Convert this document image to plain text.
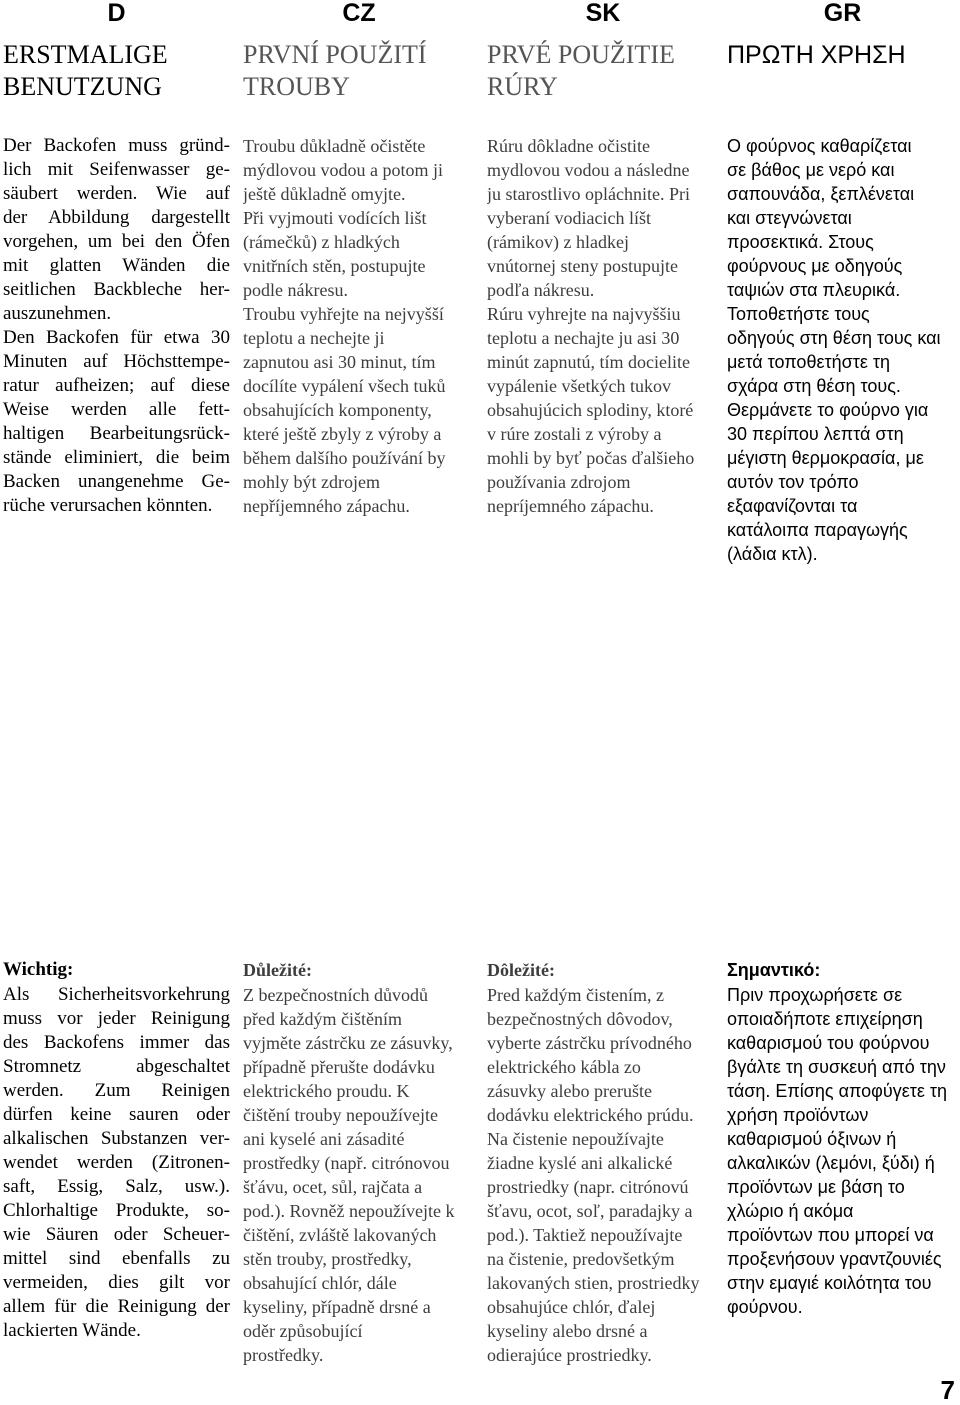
D
ERSTMALIGE
BENUTZUNG
Der Backofen muss gründ-
lich mit Seifenwasser ge-
säubert werden. Wie auf
der Abbildung dargestellt
vorgehen, um bei den Öfen
mit glatten Wänden die
seitlichen Backbleche her-
auszunehmen.
Den Backofen für etwa 30
Minuten auf Höchsttempe-
ratur aufheizen; auf diese
Weise werden alle fett-
haltigen Bearbeitungsrück-
stände eliminiert, die beim
Backen unangenehme Ge-
rüche verursachen könnten.
Wichtig:
Als Sicherheitsvorkehrung
muss vor jeder Reinigung
des Backofens immer das
Stromnetz abgeschaltet
werden. Zum Reinigen
dürfen keine sauren oder
alkalischen Substanzen ver-
wendet werden (Zitronen-
saft, Essig, Salz, usw.).
Chlorhaltige Produkte, so-
wie Säuren oder Scheuer-
mittel sind ebenfalls zu
vermeiden, dies gilt vor
allem für die Reinigung der
lackierten Wände.
CZ
PRVNÍ POUŽITÍ
TROUBY
Troubu důkladně očistěte
mýdlovou vodou a potom ji
ještě důkladně omyjte.
Při vyjmouti vodících lišt
(rámečků) z hladkých
vnitřních stěn, postupujte
podle nákresu.
Troubu vyhřejte na nejvyšší
teplotu a nechejte ji
zapnutou asi 30 minut, tím
docílíte vypálení všech tuků
obsahujících komponenty,
které ještě zbyly z výroby a
během dalšího používání by
mohly být zdrojem
nepříjemného zápachu.
Důležité:
Z bezpečnostních důvodů
před každým čištěním
vyjměte zástrčku ze zásuvky,
případně přerušte dodávku
elektrického proudu. K
čištění trouby nepoužívejte
ani kyselé ani zásadité
prostředky (např. citrónovou
šťávu, ocet, sůl, rajčata a
pod.). Rovněž nepoužívejte k
čištění, zvláště lakovaných
stěn trouby, prostředky,
obsahující chlór, dále
kyseliny, případně drsné a
oděr způsobující
prostředky.
SK
PRVÉ POUŽITIE
RÚRY
Rúru dôkladne očistite
mydlovou vodou a následne
ju starostlivo opláchnite. Pri
vyberaní vodiacich líšt
(rámikov) z hladkej
vnútornej steny postupujte
podľa nákresu.
Rúru vyhrejte na najvyššiu
teplotu a nechajte ju asi 30
minút zapnutú, tím docielite
vypálenie všetkých tukov
obsahujúcich splodiny, ktoré
v rúre zostali z výroby a
mohli by byť počas ďalšieho
používania zdrojom
nepríjemného zápachu.
Dôležité:
Pred každým čistením, z
bezpečnostných dôvodov,
vyberte zástrčku prívodného
elektrického kábla zo
zásuvky alebo prerušte
dodávku elektrického prúdu.
Na čistenie nepoužívajte
žiadne kyslé ani alkalické
prostriedky (napr. citrónovú
šťavu, ocot, soľ, paradajky a
pod.). Taktiež nepoužívajte
na čistenie, predovšetkým
lakovaných stien, prostriedky
obsahujúce chlór, ďalej
kyseliny alebo drsné a
odierajúce prostriedky.
GR
ΠΡΩΤΗ ΧΡΗΣΗ
Ο φούρνος καθαρίζεται
σε βάθος με νερό και
σαπουνάδα, ξεπλένεται
και στεγνώνεται
προσεκτικά. Στους
φούρνους με οδηγούς
ταψιών στα πλευρικά.
Τοποθετήστε τους
οδηγούς στη θέση τους και
μετά τοποθετήστε τη
σχάρα στη θέση τους.
Θερμάνετε το φούρνο για
30 περίπου λεπτά στη
μέγιστη θερμοκρασία, με
αυτόν τον τρόπο
εξαφανίζονται τα
κατάλοιπα παραγωγής
(λάδια κτλ).
Σημαντικό:
Πριν προχωρήσετε σε
οποιαδήποτε επιχείρηση
καθαρισμού του φούρνου
βγάλτε τη συσκευή από την
τάση. Επίσης αποφύγετε τη
χρήση προϊόντων
καθαρισμού όξινων ή
αλκαλικών (λεμόνι, ξύδι) ή
προϊόντων με βάση το
χλώριο ή ακόμα
προϊόντων που μπορεί να
προξενήσουν γραντζουνιές
στην εμαγιέ κοιλότητα του
φούρνου.
7
